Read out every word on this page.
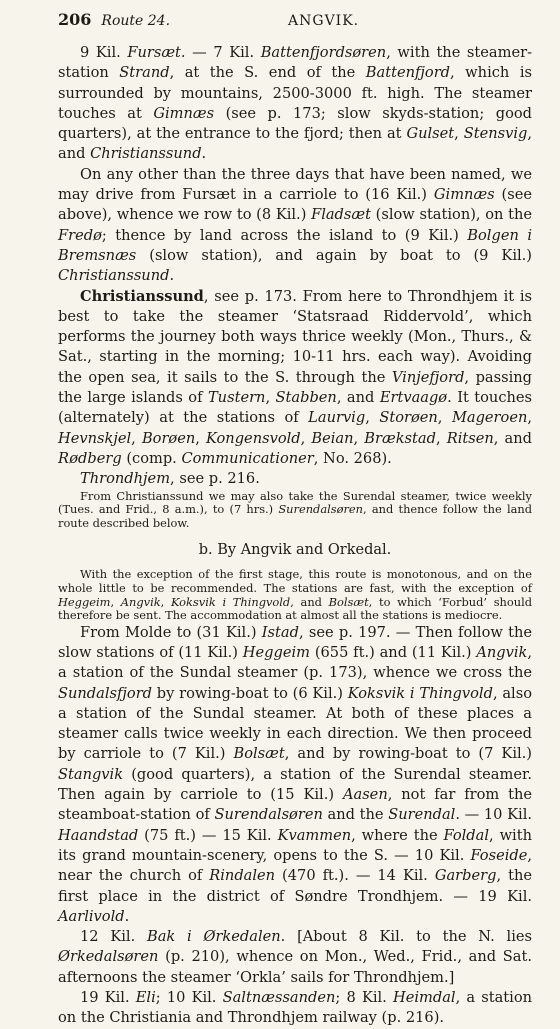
206 Route 24.	ANGVIK.

9 Kil. Fursæt. — 7 Kil. Battenfjordsøren, with the steamer-station Strand, at the S. end of the Battenfjord, which is surrounded by mountains, 2500-3000 ft. high. The steamer touches at Gimnæs (see p. 173; slow skyds-station; good quarters), at the entrance to the fjord; then at Gulset, Stensvig, and Christianssund.

On any other than the three days that have been named, we may drive from Fursæt in a carriole to (16 Kil.) Gimnæs (see above), whence we row to (8 Kil.) Fladsæt (slow station), on the Fredø; thence by land across the island to (9 Kil.) Bolgen i Bremsnæs (slow station), and again by boat to (9 Kil.) Christianssund.

Christianssund, see p. 173. From here to Throndhjem it is best to take the steamer ‘Statsraad Riddervold’, which performs the journey both ways thrice weekly (Mon., Thurs., & Sat., starting in the morning; 10-11 hrs. each way). Avoiding the open sea, it sails to the S. through the Vinjefjord, passing the large islands of Tustern, Stabben, and Ertvaagø. It touches (alternately) at the stations of Laurvig, Storøen, Mageroen, Hevnskjel, Borøen, Kongensvold, Beian, Brækstad, Ritsen, and Rødberg (comp. Communicationer, No. 268).

Throndhjem, see p. 216.

From Christianssund we may also take the Surendal steamer, twice weekly (Tues. and Frid., 8 a.m.), to (7 hrs.) Surendalsøren, and thence follow the land route described below.

b. By Angvik and Orkedal.

With the exception of the first stage, this route is monotonous, and on the whole little to be recommended. The stations are fast, with the exception of Heggeim, Angvik, Koksvik i Thingvold, and Bolsæt, to which ‘Forbud’ should therefore be sent. The accommodation at almost all the stations is mediocre.

From Molde to (31 Kil.) Istad, see p. 197. — Then follow the slow stations of (11 Kil.) Heggeim (655 ft.) and (11 Kil.) Angvik, a station of the Sundal steamer (p. 173), whence we cross the Sundalsfjord by rowing-boat to (6 Kil.) Koksvik i Thingvold, also a station of the Sundal steamer. At both of these places a steamer calls twice weekly in each direction. We then proceed by carriole to (7 Kil.) Bolsæt, and by rowing-boat to (7 Kil.) Stangvik (good quarters), a station of the Surendal steamer. Then again by carriole to (15 Kil.) Aasen, not far from the steamboat-station of Surendalsøren and the Surendal. — 10 Kil. Haandstad (75 ft.) — 15 Kil. Kvammen, where the Foldal, with its grand mountain-scenery, opens to the S. — 10 Kil. Foseide, near the church of Rindalen (470 ft.). — 14 Kil. Garberg, the first place in the district of Søndre Trondhjem. — 19 Kil. Aarlivold.

12 Kil. Bak i Ørkedalen. [About 8 Kil. to the N. lies Ørkedalsøren (p. 210), whence on Mon., Wed., Frid., and Sat. afternoons the steamer ‘Orkla’ sails for Throndhjem.]

19 Kil. Eli; 10 Kil. Saltnæssanden; 8 Kil. Heimdal, a station on the Christiania and Throndhjem railway (p. 216).
